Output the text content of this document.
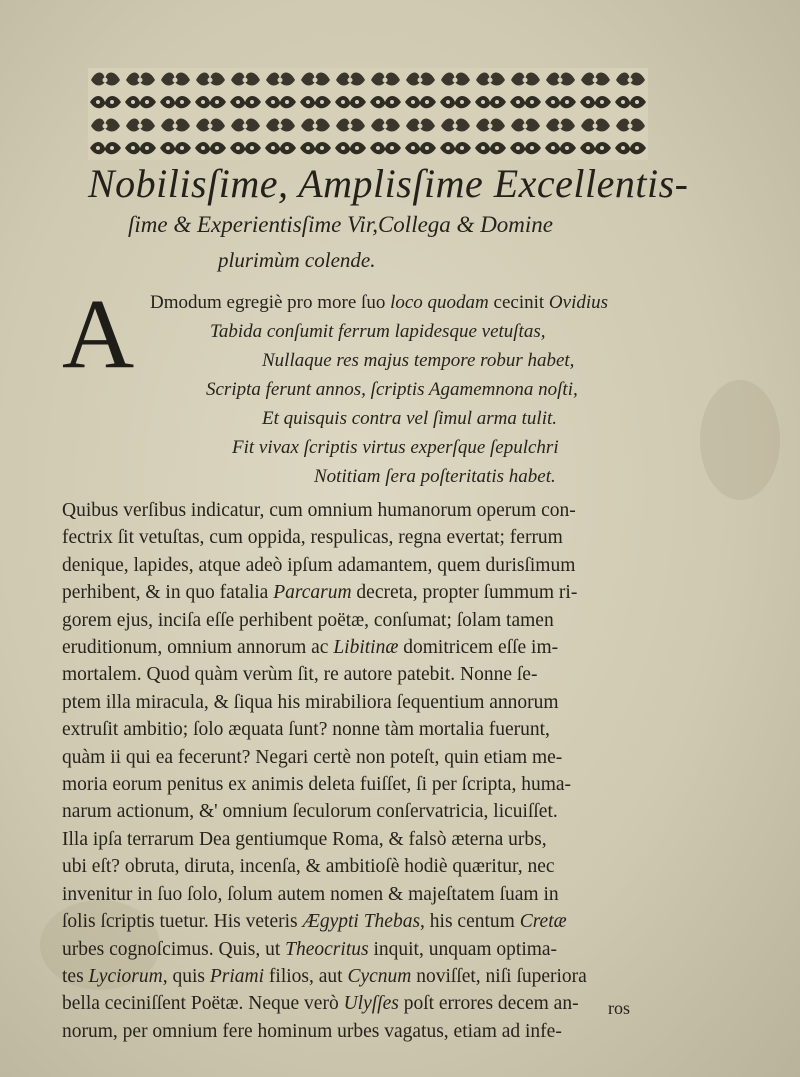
Nobilisſime, Amplisſime Excellentis-
ſime & Experientisſime Vir,Collega & Domine
plurimùm colende.
A Dmodum egregiè pro more ſuo loco quodam cecinit Ovidius
Tabida conſumit ferrum lapidesque vetuſtas,
Nullaque res majus tempore robur habet,
Scripta ferunt annos, ſcriptis Agamemnona noſti,
Et quisquis contra vel ſimul arma tulit.
Fit vivax ſcriptis virtus experſque ſepulchri
Notitiam ſera poſteritatis habet.
Quibus verſibus indicatur, cum omnium humanorum operum con-
fectrix ſit vetuſtas, cum oppida, respulicas, regna evertat; ferrum
denique, lapides, atque adeò ipſum adamantem, quem durisſimum
perhibent, & in quo fatalia Parcarum decreta, propter ſummum ri-
gorem ejus, inciſa eſſe perhibent poëtæ, conſumat; ſolam tamen
eruditionum, omnium annorum ac Libitinæ domitricem eſſe im-
mortalem. Quod quàm verùm ſit, re autore patebit. Nonne ſe-
ptem illa miracula, & ſiqua his mirabiliora ſequentium annorum
extruſit ambitio; ſolo æquata ſunt? nonne tàm mortalia fuerunt,
quàm ii qui ea fecerunt? Negari certè non poteſt, quin etiam me-
moria eorum penitus ex animis deleta fuiſſet, ſi per ſcripta, huma-
narum actionum, &' omnium ſeculorum conſervatricia, licuiſſet.
Illa ipſa terrarum Dea gentiumque Roma, & falsò æterna urbs,
ubi eſt? obruta, diruta, incenſa, & ambitioſè hodiè quæritur, nec
invenitur in ſuo ſolo, ſolum autem nomen & majeſtatem ſuam in
ſolis ſcriptis tuetur. His veteris Ægypti Thebas, his centum Cretæ
urbes cognoſcimus. Quis, ut Theocritus inquit, unquam optima-
tes Lyciorum, quis Priami filios, aut Cycnum noviſſet, niſi ſuperiora
bella ceciniſſent Poëtæ. Neque verò Ulyſſes poſt errores decem an-
norum, per omnium fere hominum urbes vagatus, etiam ad infe-
ros
